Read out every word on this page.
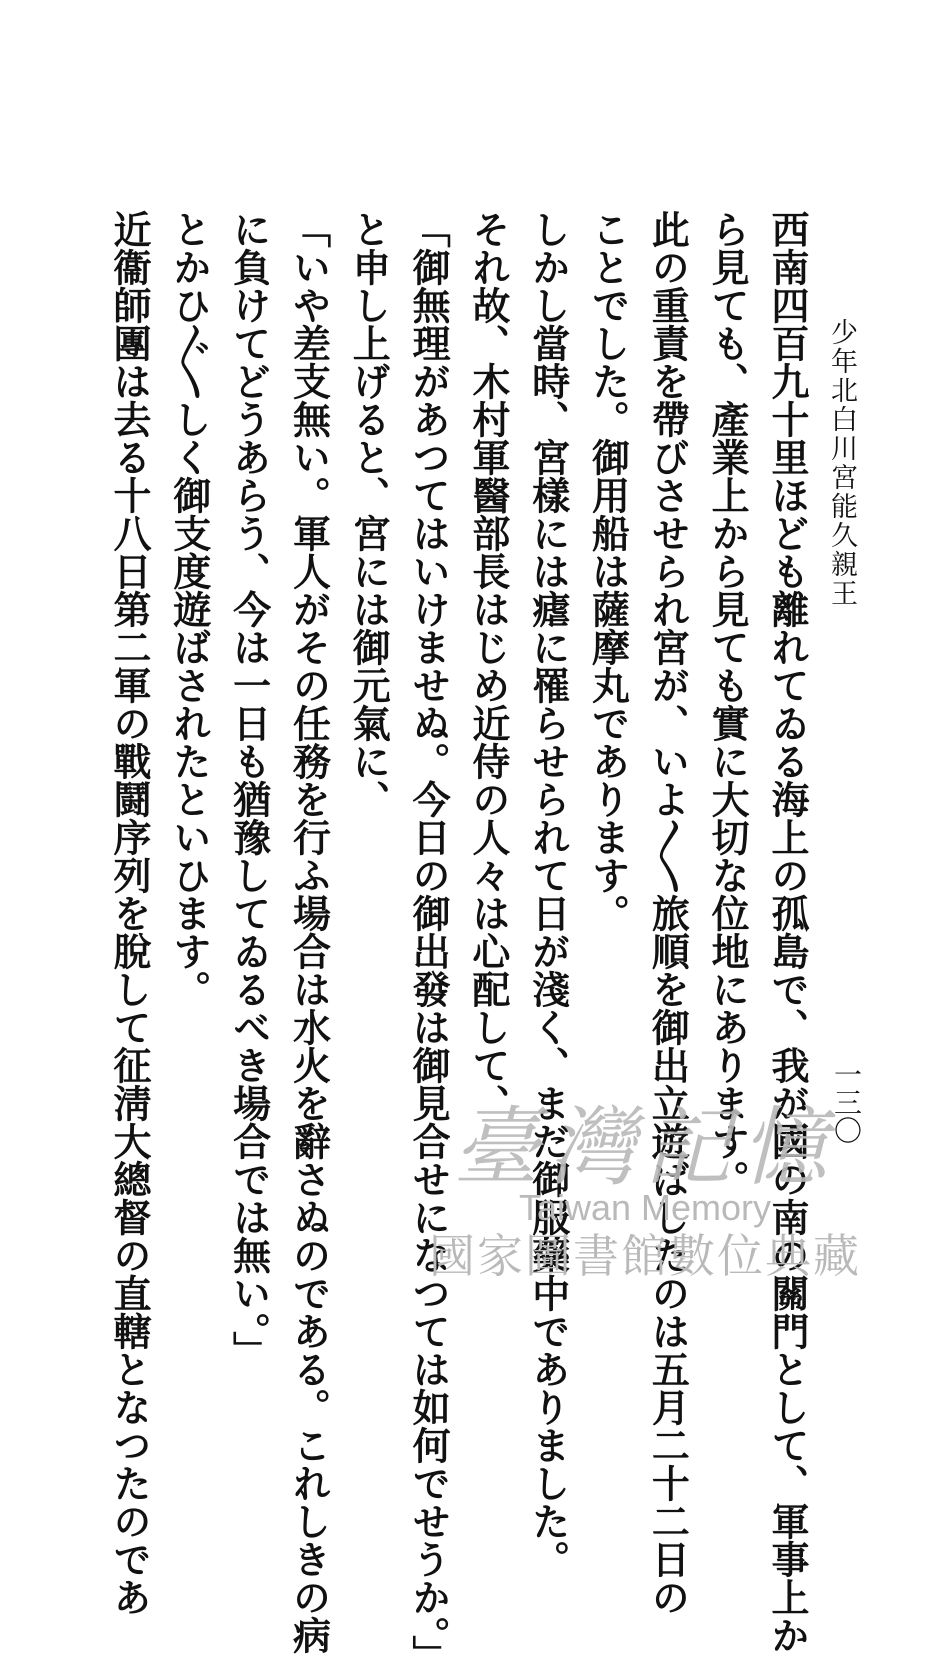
少年北白川宮能久親王
一三〇
西南四百九十里ほども離れてゐる海上の孤島で、我が國の南の關門として、軍事上か
ら見ても、產業上から見ても實に大切な位地にあります。
此の重責を帶びさせられ宮が、いよ〳〵旅順を御出立遊ばしたのは五月二十二日の
ことでした。御用船は薩摩丸であります。
しかし當時、宮樣には瘧に罹らせられて日が淺く、まだ御服藥中でありました。
それ故、木村軍醫部長はじめ近侍の人々は心配して、
「御無理があつてはいけませぬ。今日の御出發は御見合せになつては如何でせうか。」
と申し上げると、宮には御元氣に、
「いや差支無い。軍人がその任務を行ふ場合は水火を辭さぬのである。これしきの病
に負けてどうあらう、今は一日も猶豫してゐるべき場合では無い。」
とかひ〴〵しく御支度遊ばされたといひます。
近衞師團は去る十八日第二軍の戰鬪序列を脫して征淸大總督の直轄となつたのであ	臺灣記憶
Taiwan Memory
國家圖書館數位典藏
